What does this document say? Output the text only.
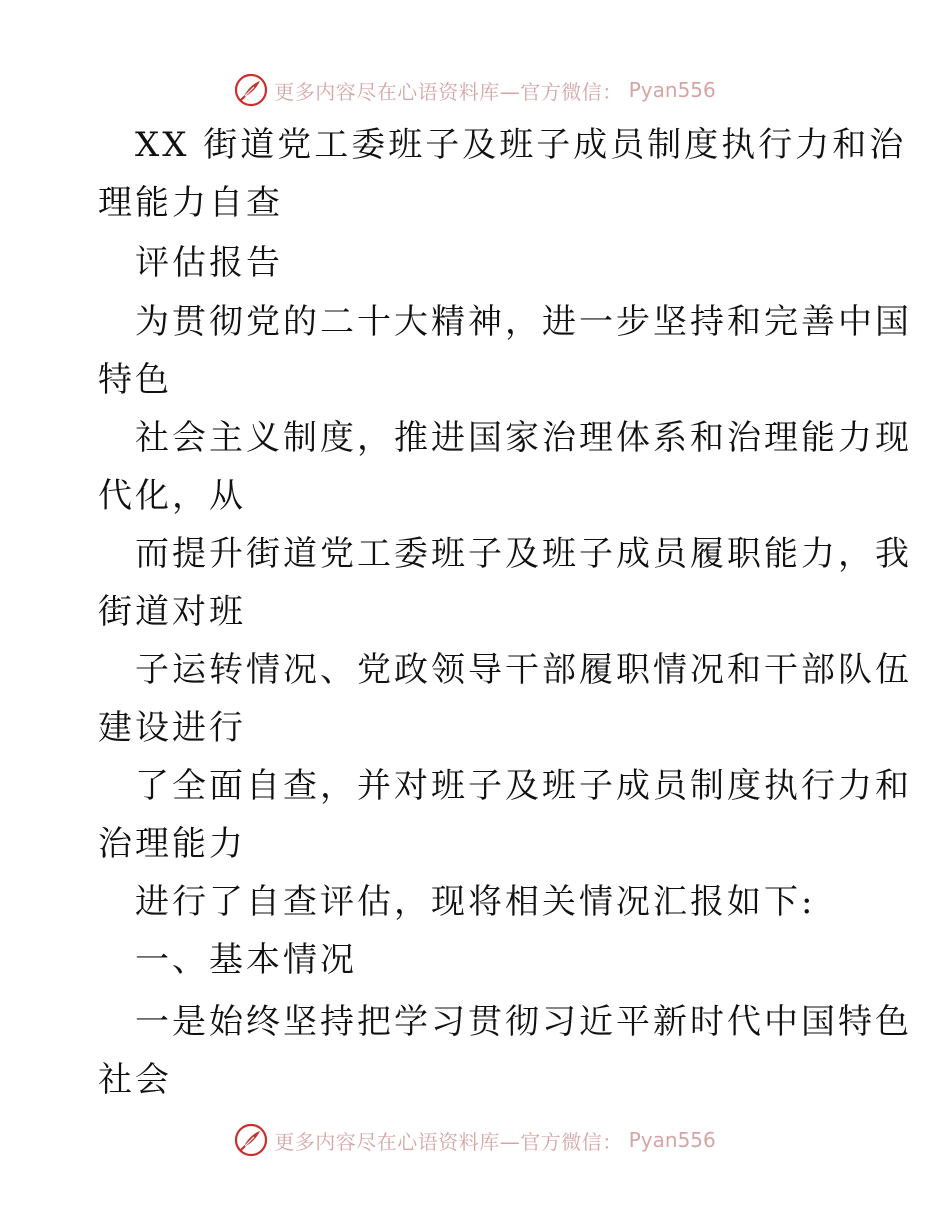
更多内容尽在心语资料库—官方微信： Pyan556
XX 街道党工委班子及班子成员制度执行力和治
理能力自查
评估报告
为贯彻党的二十大精神，进一步坚持和完善中国
特色
社会主义制度，推进国家治理体系和治理能力现
代化，从
而提升街道党工委班子及班子成员履职能力，我
街道对班
子运转情况、党政领导干部履职情况和干部队伍
建设进行
了全面自查，并对班子及班子成员制度执行力和
治理能力
进行了自查评估，现将相关情况汇报如下:
一、基本情况
一是始终坚持把学习贯彻习近平新时代中国特色
社会
更多内容尽在心语资料库—官方微信： Pyan556
